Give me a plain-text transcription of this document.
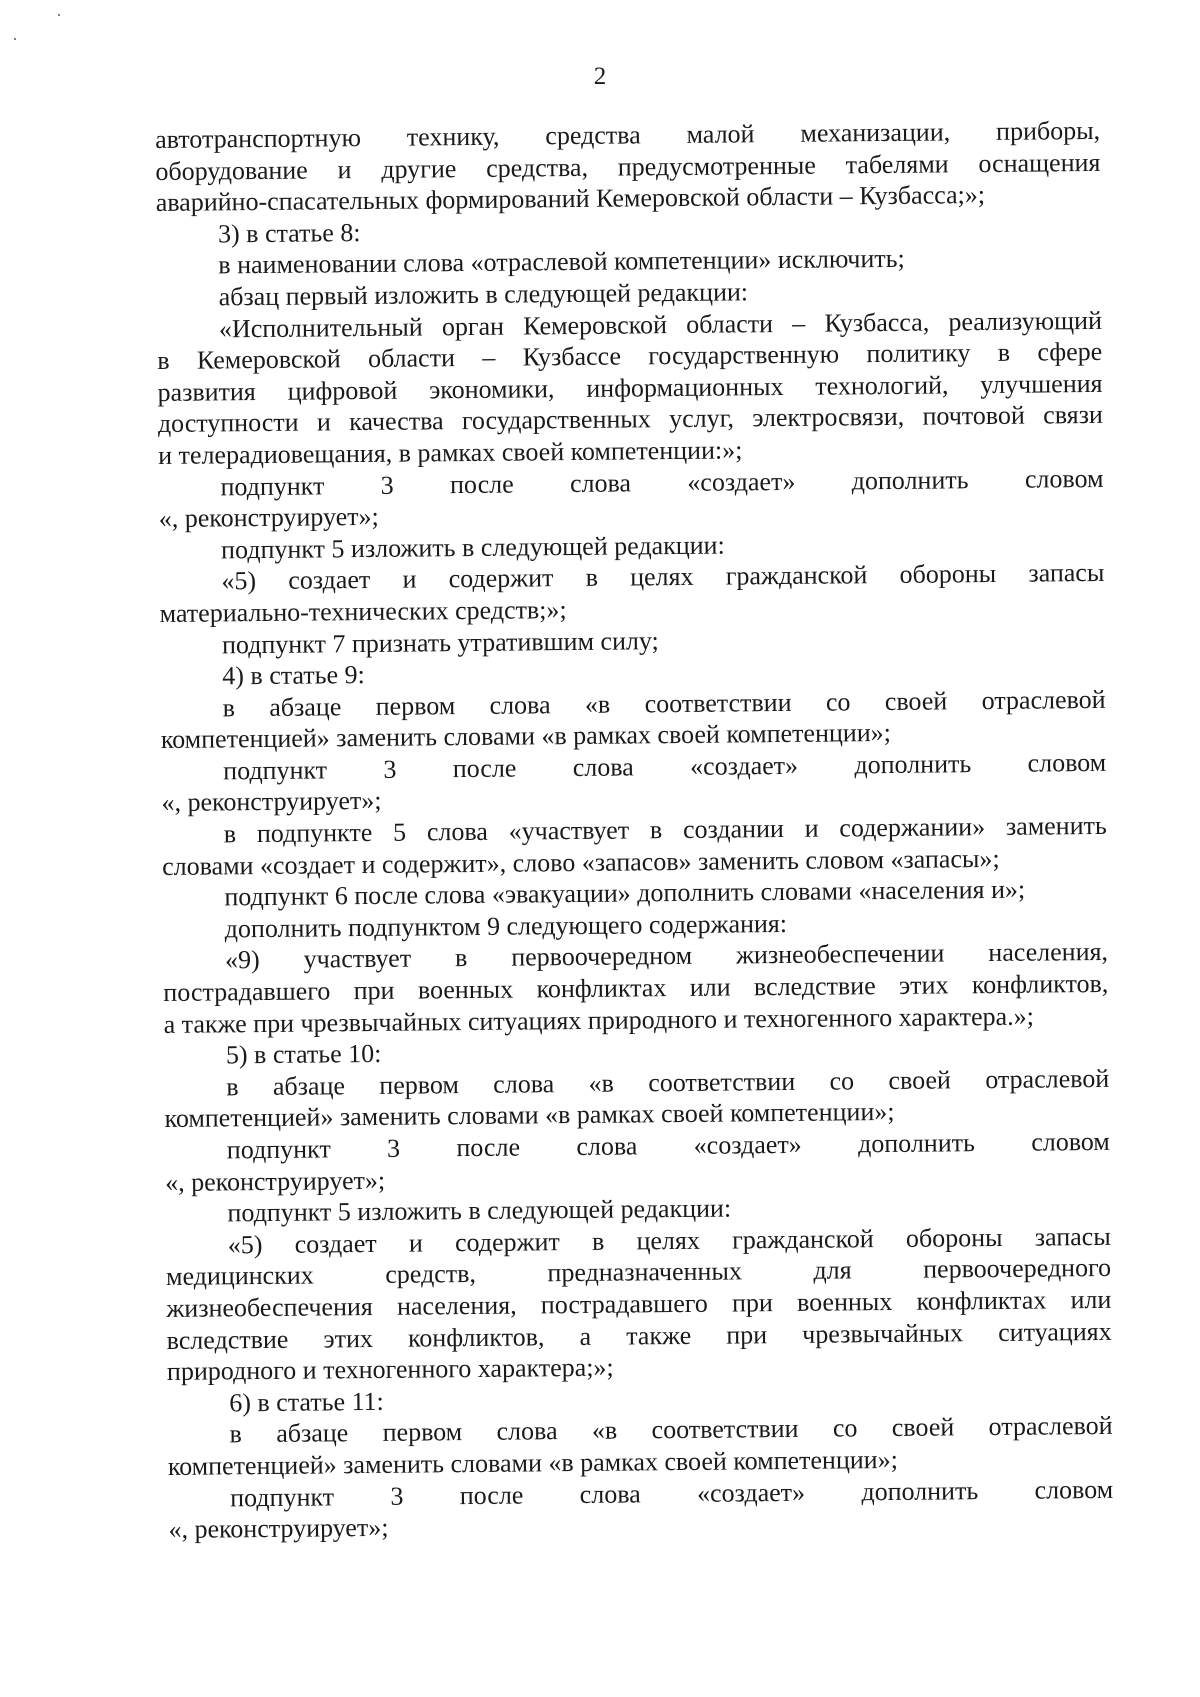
2
автотранспортную технику, средства малой механизации, приборы,
оборудование и другие средства, предусмотренные табелями оснащения
аварийно-спасательных формирований Кемеровской области – Кузбасса;»;
3) в статье 8:
в наименовании слова «отраслевой компетенции» исключить;
абзац первый изложить в следующей редакции:
«Исполнительный орган Кемеровской области – Кузбасса, реализующий
в Кемеровской области – Кузбассе государственную политику в сфере
развития цифровой экономики, информационных технологий, улучшения
доступности и качества государственных услуг, электросвязи, почтовой связи
и телерадиовещания, в рамках своей компетенции:»;
подпункт 3 после слова «создает» дополнить словом
«, реконструирует»;
подпункт 5 изложить в следующей редакции:
«5) создает и содержит в целях гражданской обороны запасы
материально-технических средств;»;
подпункт 7 признать утратившим силу;
4) в статье 9:
в абзаце первом слова «в соответствии со своей отраслевой
компетенцией» заменить словами «в рамках своей компетенции»;
подпункт 3 после слова «создает» дополнить словом
«, реконструирует»;
в подпункте 5 слова «участвует в создании и содержании» заменить
словами «создает и содержит», слово «запасов» заменить словом «запасы»;
подпункт 6 после слова «эвакуации» дополнить словами «населения и»;
дополнить подпунктом 9 следующего содержания:
«9) участвует в первоочередном жизнеобеспечении населения,
пострадавшего при военных конфликтах или вследствие этих конфликтов,
а также при чрезвычайных ситуациях природного и техногенного характера.»;
5) в статье 10:
в абзаце первом слова «в соответствии со своей отраслевой
компетенцией» заменить словами «в рамках своей компетенции»;
подпункт 3 после слова «создает» дополнить словом
«, реконструирует»;
подпункт 5 изложить в следующей редакции:
«5) создает и содержит в целях гражданской обороны запасы
медицинских средств, предназначенных для первоочередного
жизнеобеспечения населения, пострадавшего при военных конфликтах или
вследствие этих конфликтов, а также при чрезвычайных ситуациях
природного и техногенного характера;»;
6) в статье 11:
в абзаце первом слова «в соответствии со своей отраслевой
компетенцией» заменить словами «в рамках своей компетенции»;
подпункт 3 после слова «создает» дополнить словом
«, реконструирует»;
